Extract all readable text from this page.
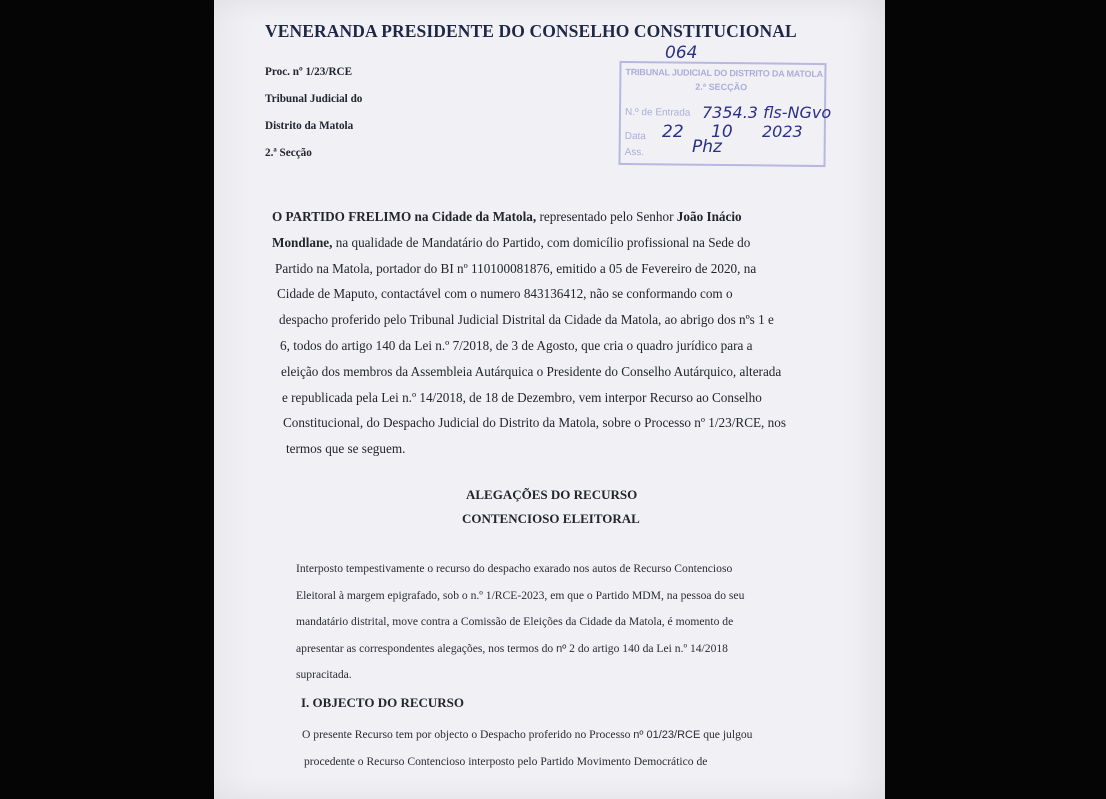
VENERANDA PRESIDENTE DO CONSELHO CONSTITUCIONAL
Proc. nº 1/23/RCE
Tribunal Judicial do
Distrito da Matola
2.ª Secção
TRIBUNAL JUDICIAL DO DISTRITO DA MATOLA
2.ª SECÇÃO
N.º de Entrada
Data
Ass.
064
7354.3 fls-NGvo
22 10 2023
Phz
O PARTIDO FRELIMO na Cidade da Matola, representado pelo Senhor João Inácio
Mondlane, na qualidade de Mandatário do Partido, com domicílio profissional na Sede do
Partido na Matola, portador do BI nº 110100081876, emitido a 05 de Fevereiro de 2020, na
Cidade de Maputo, contactável com o numero 843136412, não se conformando com o
despacho proferido pelo Tribunal Judicial Distrital da Cidade da Matola, ao abrigo dos nºs 1 e
6, todos do artigo 140 da Lei n.º 7/2018, de 3 de Agosto, que cria o quadro jurídico para a
eleição dos membros da Assembleia Autárquica o Presidente do Conselho Autárquico, alterada
e republicada pela Lei n.º 14/2018, de 18 de Dezembro, vem interpor Recurso ao Conselho
Constitucional, do Despacho Judicial do Distrito da Matola, sobre o Processo nº 1/23/RCE, nos
termos que se seguem.
ALEGAÇÕES DO RECURSO
CONTENCIOSO ELEITORAL
Interposto tempestivamente o recurso do despacho exarado nos autos de Recurso Contencioso
Eleitoral à margem epigrafado, sob o n.º 1/RCE-2023, em que o Partido MDM, na pessoa do seu
mandatário distrital, move contra a Comissão de Eleições da Cidade da Matola, é momento de
apresentar as correspondentes alegações, nos termos do nº 2 do artigo 140 da Lei n.º 14/2018
supracitada.
I. OBJECTO DO RECURSO
O presente Recurso tem por objecto o Despacho proferido no Processo nº 01/23/RCE que julgou
procedente o Recurso Contencioso interposto pelo Partido Movimento Democrático de
